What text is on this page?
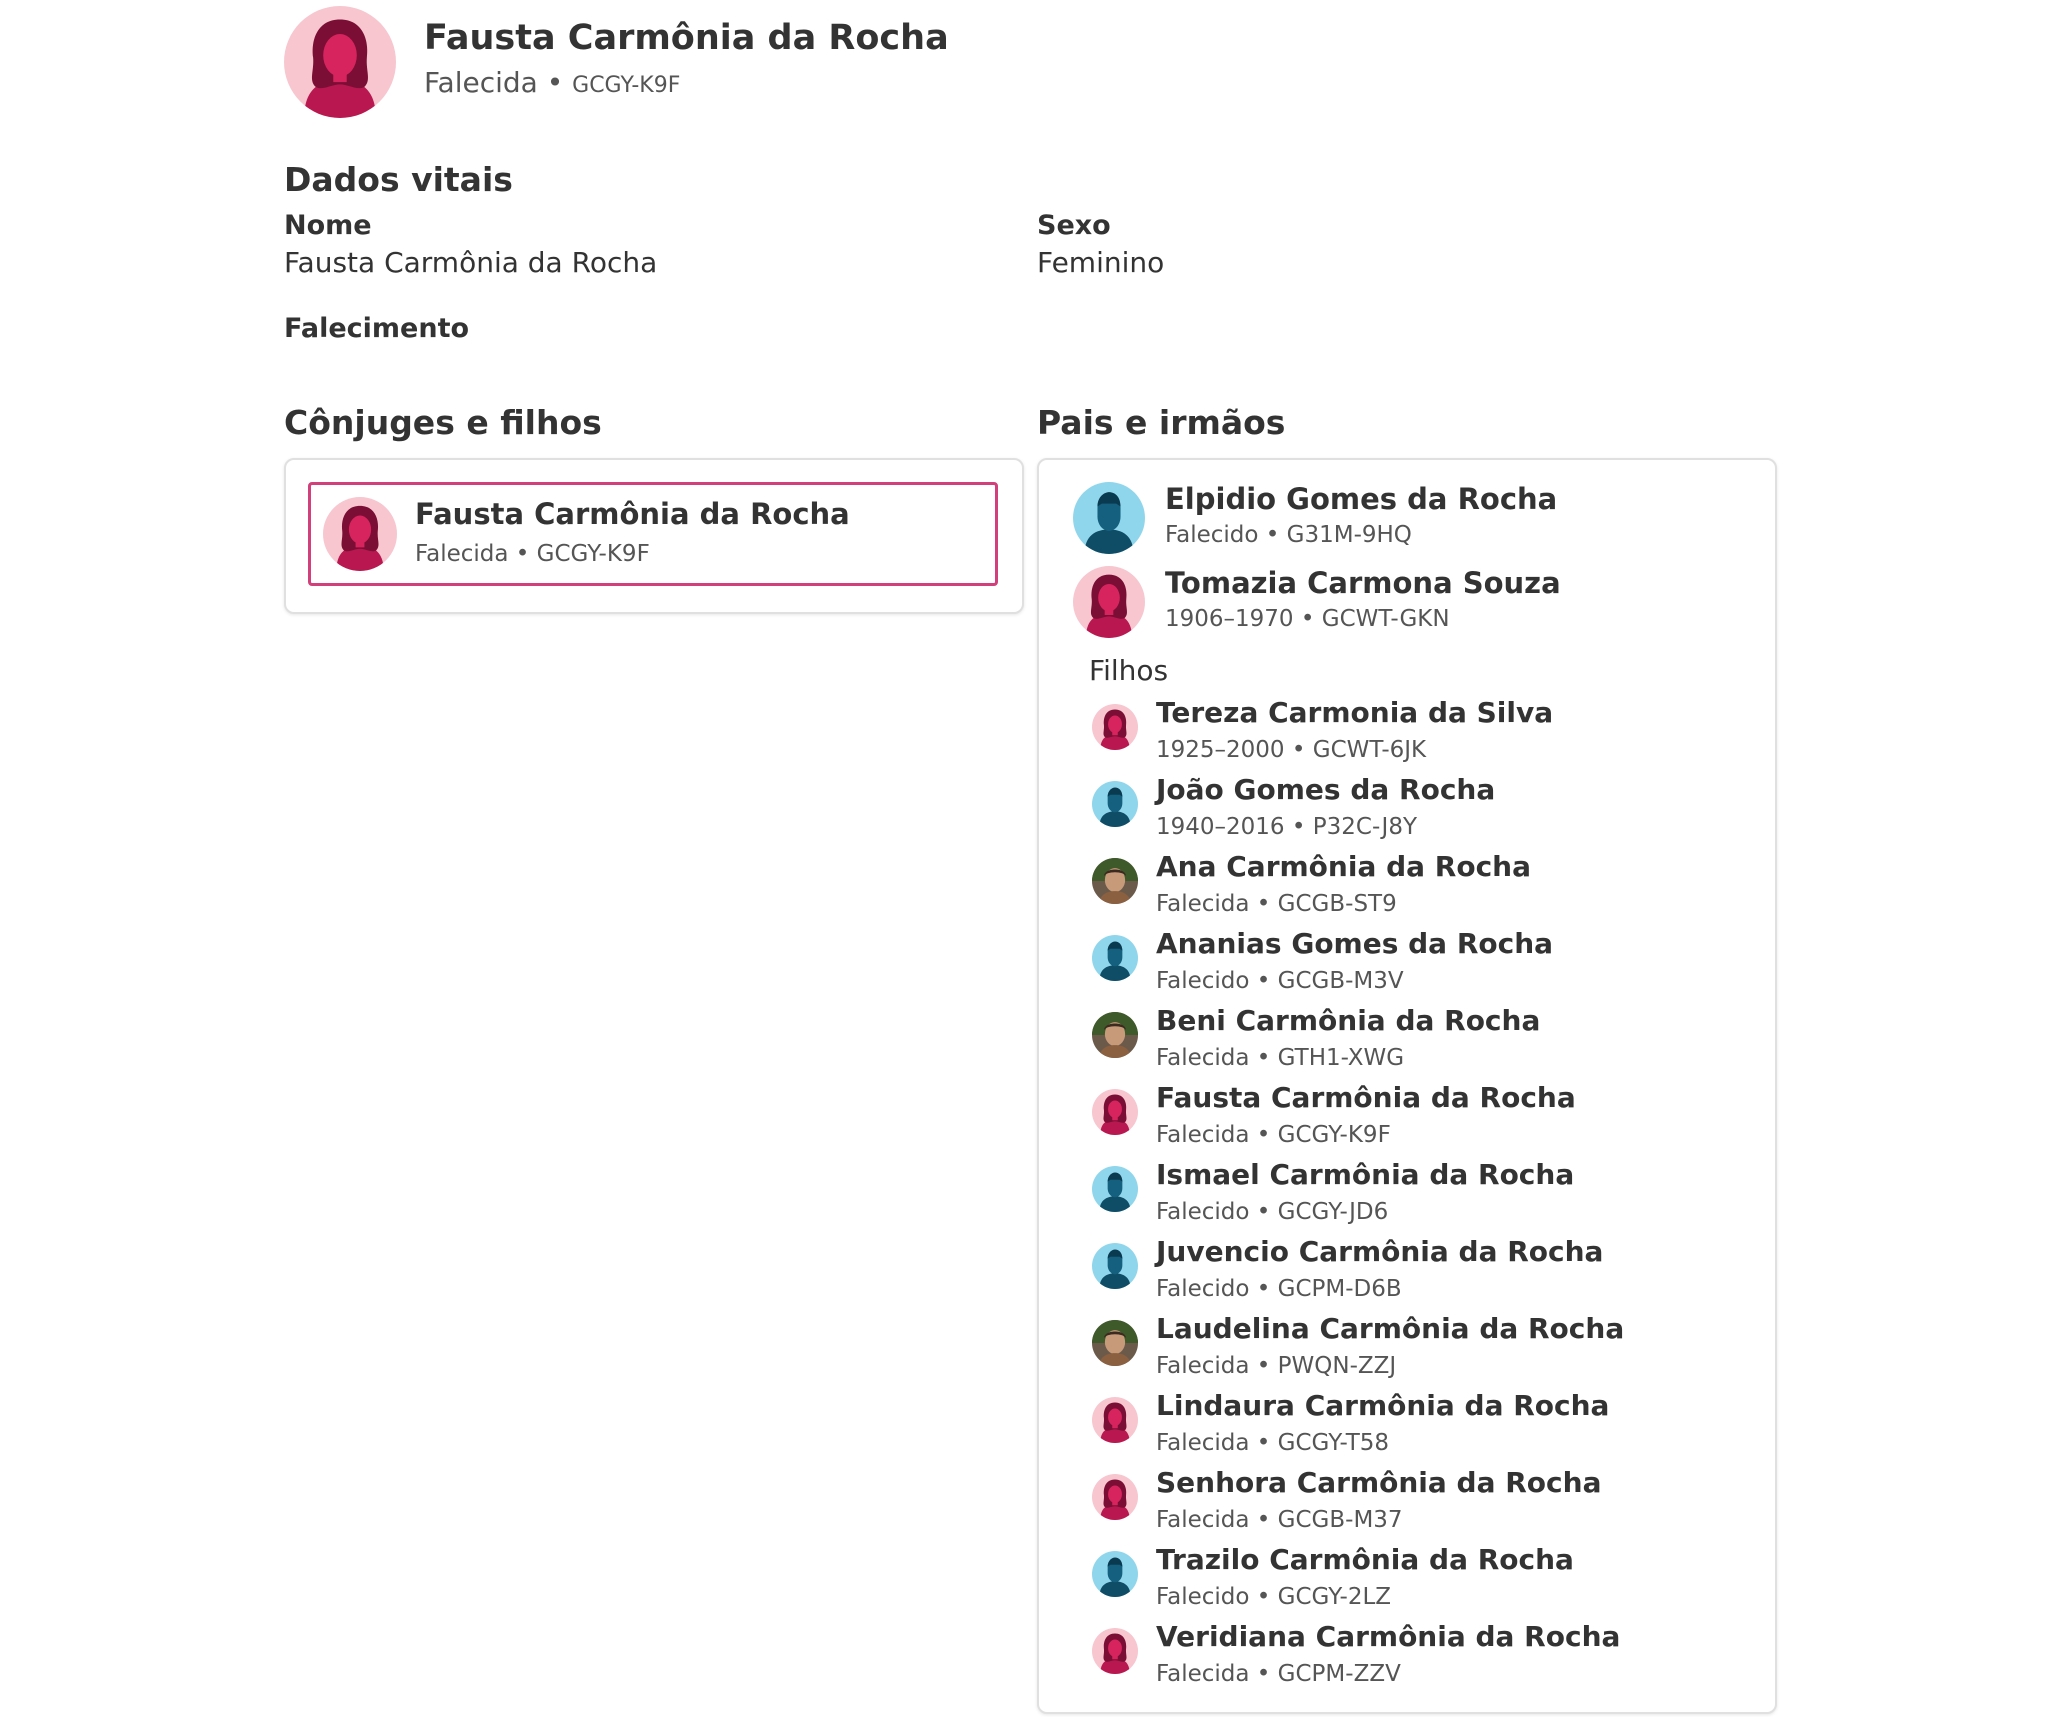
Fausta Carmônia da Rocha
Falecida • GCGY-K9F
Dados vitais
Nome
Fausta Carmônia da Rocha
Sexo
Feminino
Falecimento
Cônjuges e filhos
Fausta Carmônia da Rocha
Falecida • GCGY-K9F
Pais e irmãos
Elpidio Gomes da Rocha
Falecido • G31M-9HQ
Tomazia Carmona Souza
1906–1970 • GCWT-GKN
Filhos
Tereza Carmonia da Silva
1925–2000 • GCWT-6JK
João Gomes da Rocha
1940–2016 • P32C-J8Y
Ana Carmônia da Rocha
Falecida • GCGB-ST9
Ananias Gomes da Rocha
Falecido • GCGB-M3V
Beni Carmônia da Rocha
Falecida • GTH1-XWG
Fausta Carmônia da Rocha
Falecida • GCGY-K9F
Ismael Carmônia da Rocha
Falecido • GCGY-JD6
Juvencio Carmônia da Rocha
Falecido • GCPM-D6B
Laudelina Carmônia da Rocha
Falecida • PWQN-ZZJ
Lindaura Carmônia da Rocha
Falecida • GCGY-T58
Senhora Carmônia da Rocha
Falecida • GCGB-M37
Trazilo Carmônia da Rocha
Falecido • GCGY-2LZ
Veridiana Carmônia da Rocha
Falecida • GCPM-ZZV
